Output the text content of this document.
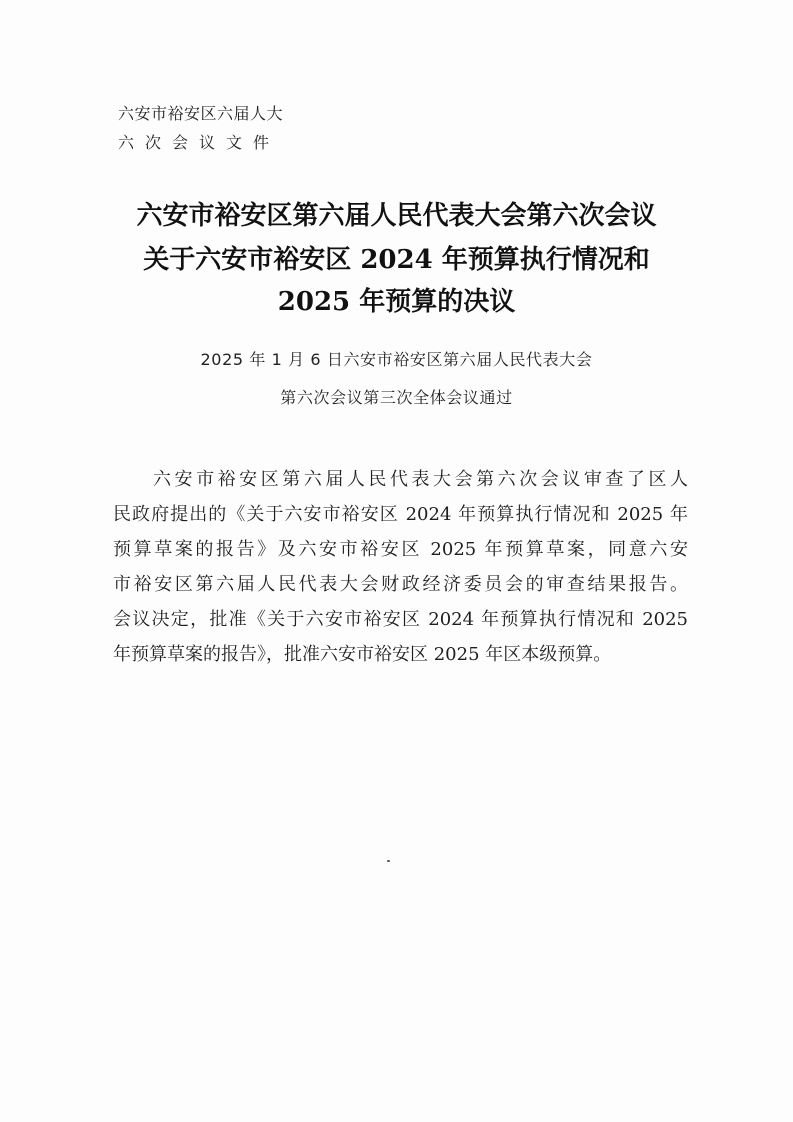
六安市裕安区六届人大
六次会议文件
六安市裕安区第六届人民代表大会第六次会议
关于六安市裕安区 2024 年预算执行情况和
2025 年预算的决议
2025 年 1 月 6 日六安市裕安区第六届人民代表大会
第六次会议第三次全体会议通过
六安市裕安区第六届人民代表大会第六次会议审查了区人
民政府提出的《关于六安市裕安区 2024 年预算执行情况和 2025 年
预算草案的报告》及六安市裕安区 2025 年预算草案，同意六安
市裕安区第六届人民代表大会财政经济委员会的审查结果报告。
会议决定，批准《关于六安市裕安区 2024 年预算执行情况和 2025
年预算草案的报告》，批准六安市裕安区 2025 年区本级预算。
